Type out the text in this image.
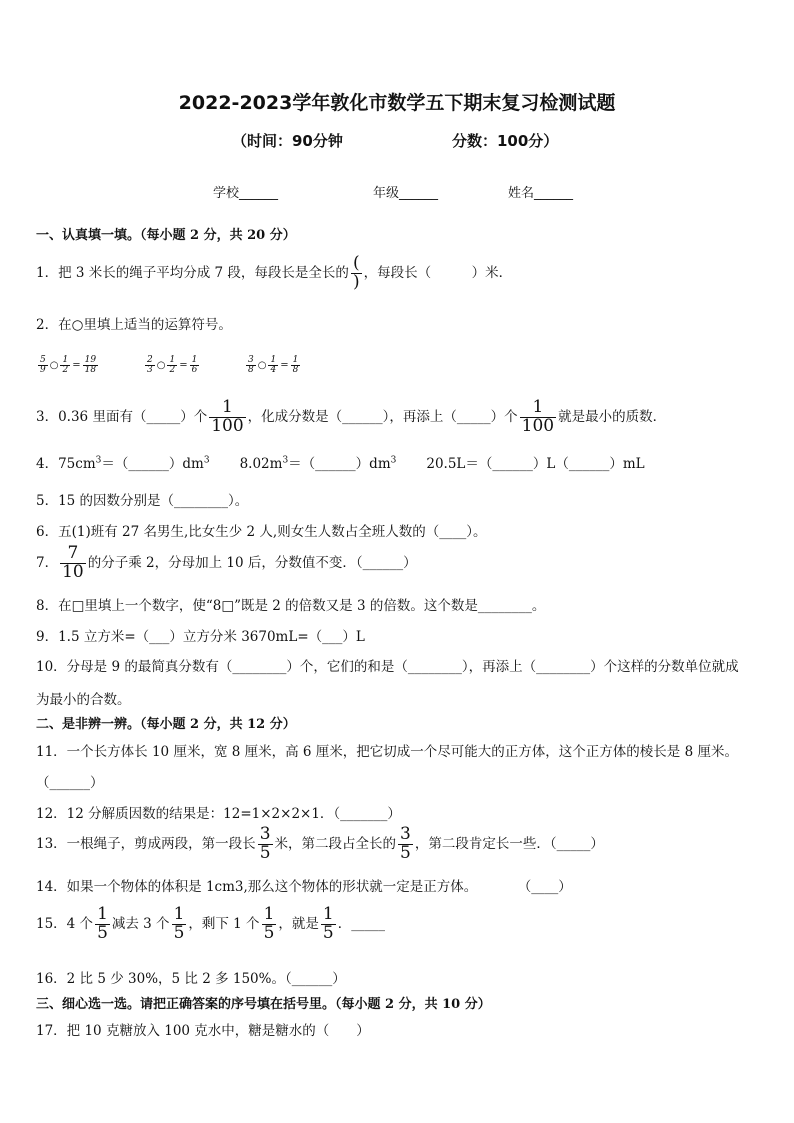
2022-2023学年敦化市数学五下期末复习检测试题
（时间：90分钟	分数：100分）
学校______	年级______	姓名______
一、认真填一填。（每小题 2 分，共 20 分）
1．把 3 米长的绳子平均分成 7 段，每段长是全长的 $\frac{(}{)}$ ，每段长（　　　）米．
2．在○里填上适当的运算符号。
$\frac{5}{9}$ ○ $\frac{1}{2} = \frac{19}{18}$	$\frac{2}{3}$ ○ $\frac{1}{2} = \frac{1}{6}$	$\frac{3}{8}$ ○ $\frac{1}{4} = \frac{1}{8}$
3．0.36 里面有（_____）个 $\frac{1}{100}$ ，化成分数是（______），再添上（_____）个 $\frac{1}{100}$ 就是最小的质数．
4．$75cm^3=(\_\_\_\_\_\_)dm^3$ $8.02m^3=(\_\_\_\_\_\_)dm^3$ 20.5L＝（______）L（______）mL
5．15 的因数分别是（________）。
6．五(1)班有 27 名男生,比女生少 2 人,则女生人数占全班人数的（____）。
7． $\frac{7}{10}$ 的分子乘 2，分母加上 10 后，分数值不变．（______）
8．在□里填上一个数字，使“8□”既是 2 的倍数又是 3 的倍数。这个数是________。
9．1.5 立方米=（___）立方分米 3670mL=（___）L
10．分母是 9 的最简真分数有（________）个，它们的和是（________），再添上（________）个这样的分数单位就成
为最小的合数。
二、是非辨一辨。（每小题 2 分，共 12 分）
11．一个长方体长 10 厘米，宽 8 厘米，高 6 厘米，把它切成一个尽可能大的正方体，这个正方体的棱长是 8 厘米。
（______）
12．12 分解质因数的结果是：12=1×2×2×1．（_______）
13．一根绳子，剪成两段，第一段长 $\frac{3}{5}$ 米，第二段占全长的 $\frac{3}{5}$ ，第二段肯定长一些．（_____）
14．如果一个物体的体积是 1cm3,那么这个物体的形状就一定是正方体。　　　　（____）
15．4 个 $\frac{1}{5}$ 减去 3 个 $\frac{1}{5}$ ，剩下 1 个 $\frac{1}{5}$ ，就是 $\frac{1}{5}$ ．_____
16．2 比 5 少 30%，5 比 2 多 150%。（______）
三、细心选一选。请把正确答案的序号填在括号里。（每小题 2 分，共 10 分）
17．把 10 克糖放入 100 克水中，糖是糖水的（　　）
